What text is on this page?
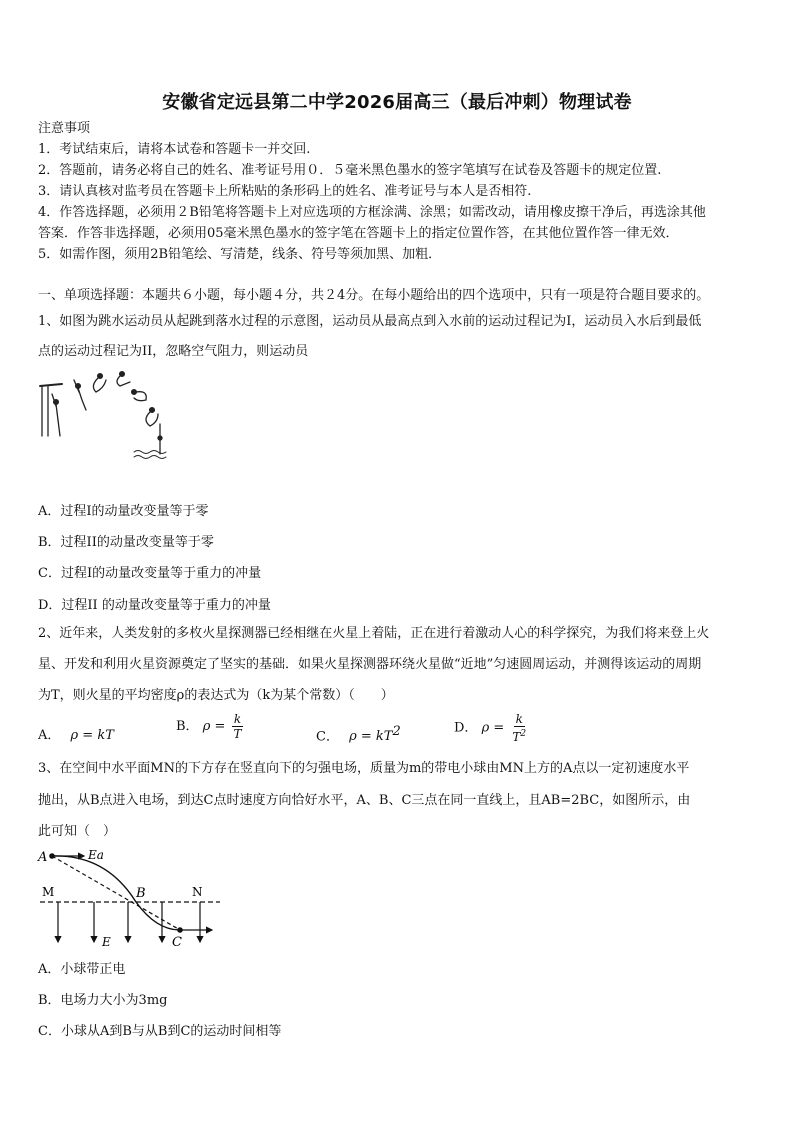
安徽省定远县第二中学2026届高三（最后冲刺）物理试卷
注意事项
1．考试结束后，请将本试卷和答题卡一并交回.
2．答题前，请务必将自己的姓名、准考证号用０．５毫米黑色墨水的签字笔填写在试卷及答题卡的规定位置.
3．请认真核对监考员在答题卡上所粘贴的条形码上的姓名、准考证号与本人是否相符.
4．作答选择题，必须用２B铅笔将答题卡上对应选项的方框涂满、涂黑；如需改动，请用橡皮擦干净后，再选涂其他
答案．作答非选择题，必须用05毫米黑色墨水的签字笔在答题卡上的指定位置作答，在其他位置作答一律无效．
5．如需作图，须用2B铅笔绘、写清楚，线条、符号等须加黑、加粗．
一、单项选择题：本题共６小题，每小题４分，共２4分。在每小题给出的四个选项中，只有一项是符合题目要求的。
1、如图为跳水运动员从起跳到落水过程的示意图，运动员从最高点到入水前的运动过程记为I，运动员入水后到最低
点的运动过程记为II，忽略空气阻力，则运动员
A．过程I的动量改变量等于零
B．过程II的动量改变量等于零
C．过程I的动量改变量等于重力的冲量
D．过程II 的动量改变量等于重力的冲量
2、近年来，人类发射的多枚火星探测器已经相继在火星上着陆，正在进行着激动人心的科学探究，为我们将来登上火
星、开发和利用火星资源奠定了坚实的基础．如果火星探测器环绕火星做“近地”匀速圆周运动，并测得该运动的周期
为T，则火星的平均密度ρ的表达式为（k为某个常数）（　　）
A． ρ = kT
B． $\rho = \frac{k}{T}$	C． $\rho = kT^2$	D． $\rho = \frac{k}{T^2}$
3、在空间中水平面MN的下方存在竖直向下的匀强电场，质量为m的带电小球由MN上方的A点以一定初速度水平
抛出，从B点进入电场，到达C点时速度方向恰好水平，A、B、C三点在同一直线上，且AB=2BC，如图所示，由
此可知（　）
A	Ea
M	B	N
E	C
A．小球带正电
B．电场力大小为3mg
C．小球从A到B与从B到C的运动时间相等
